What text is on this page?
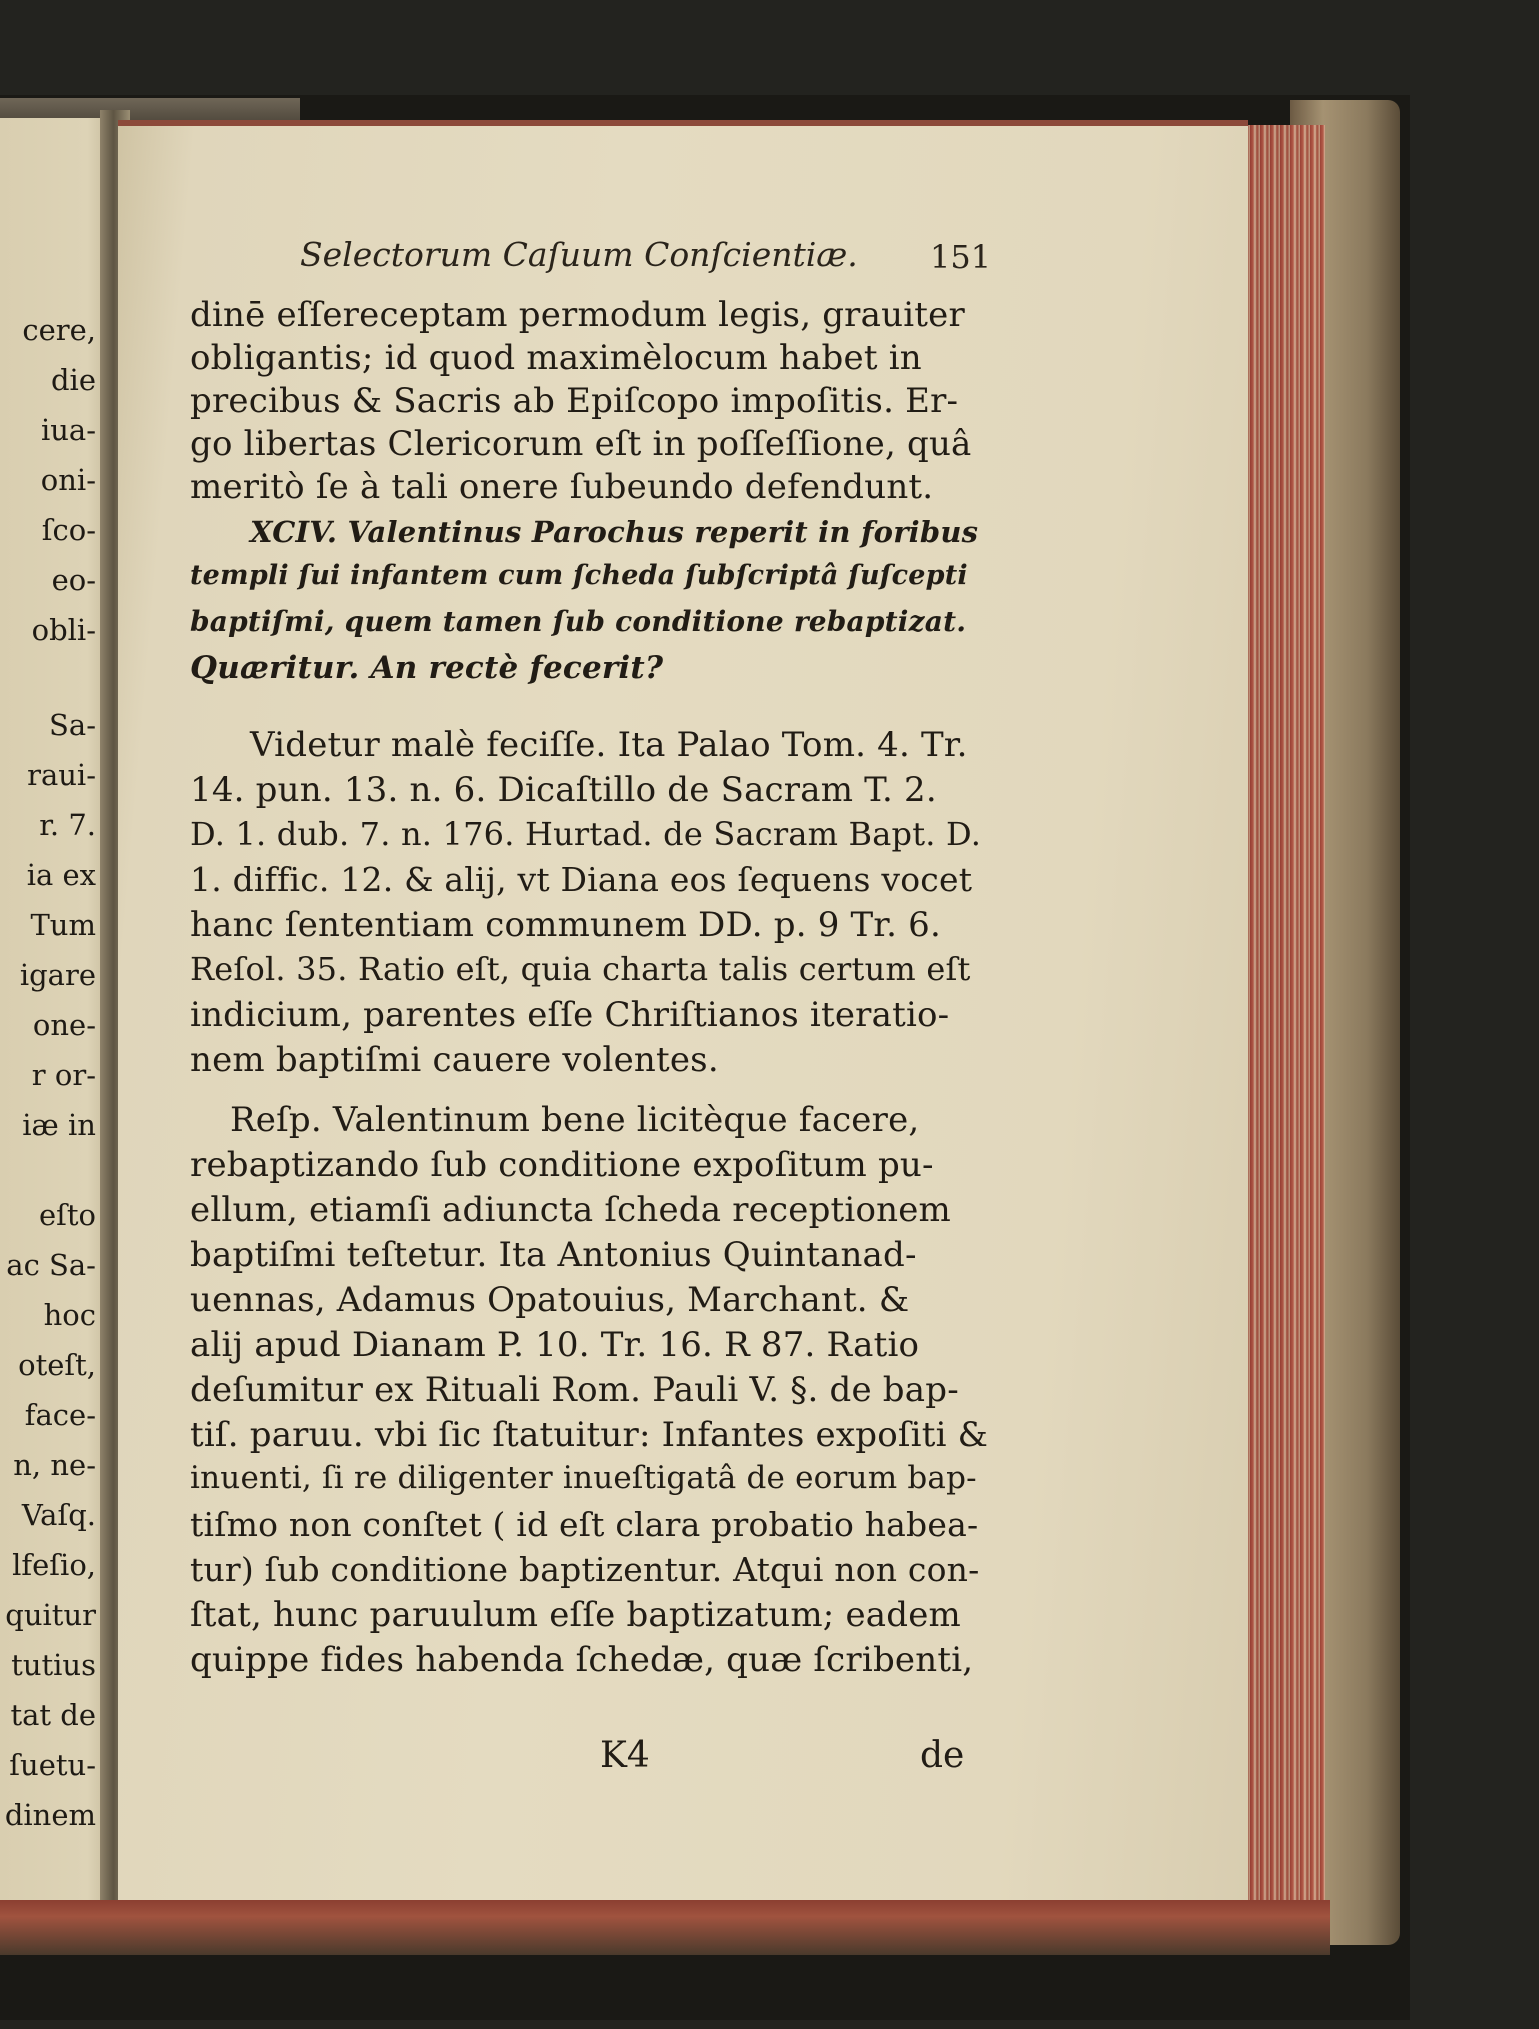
cere,
die
iua-
oni-
ſco-
eo-
obli-
Sa-
raui-
r. 7.
ia ex
Tum
igare
one-
r or-
iæ in
eſto
ac Sa-
hoc
oteſt,
face-
n, ne-
Vaſq.
lfeſio,
quitur
tutius
tat de
ſuetu-
dinem
Selectorum Caſuum Conſcientiæ.	151
dinē eſſereceptam permodum legis, grauiter
obligantis; id quod maximèlocum habet in
precibus & Sacris ab Epiſcopo impoſitis. Er-
go libertas Clericorum eſt in poſſeſſione, quâ
meritò ſe à tali onere ſubeundo defendunt.
XCIV. Valentinus Parochus reperit in foribus
templi ſui infantem cum ſcheda ſubſcriptâ ſuſcepti
baptiſmi, quem tamen ſub conditione rebaptizat.
Quæritur. An rectè fecerit?
Videtur malè feciſſe. Ita Palao Tom. 4. Tr.
14. pun. 13. n. 6. Dicaſtillo de Sacram T. 2.
D. 1. dub. 7. n. 176. Hurtad. de Sacram Bapt. D.
1. diffic. 12. & alij, vt Diana eos ſequens vocet
hanc ſententiam communem DD. p. 9 Tr. 6.
Reſol. 35. Ratio eſt, quia charta talis certum eſt
indicium, parentes eſſe Chriſtianos iteratio-
nem baptiſmi cauere volentes.
Reſp. Valentinum bene licitèque facere,
rebaptizando ſub conditione expoſitum pu-
ellum, etiamſi adiuncta ſcheda receptionem
baptiſmi teſtetur. Ita Antonius Quintanad-
uennas, Adamus Opatouius, Marchant. &
alij apud Dianam P. 10. Tr. 16. R 87. Ratio
deſumitur ex Rituali Rom. Pauli V. §. de bap-
tiſ. paruu. vbi ſic ſtatuitur: Infantes expoſiti &
inuenti, ſi re diligenter inueſtigatâ de eorum bap-
tiſmo non conſtet ( id eſt clara probatio habea-
tur) ſub conditione baptizentur. Atqui non con-
ſtat, hunc paruulum eſſe baptizatum; eadem
quippe fides habenda ſchedæ, quæ ſcribenti,
K4	de
